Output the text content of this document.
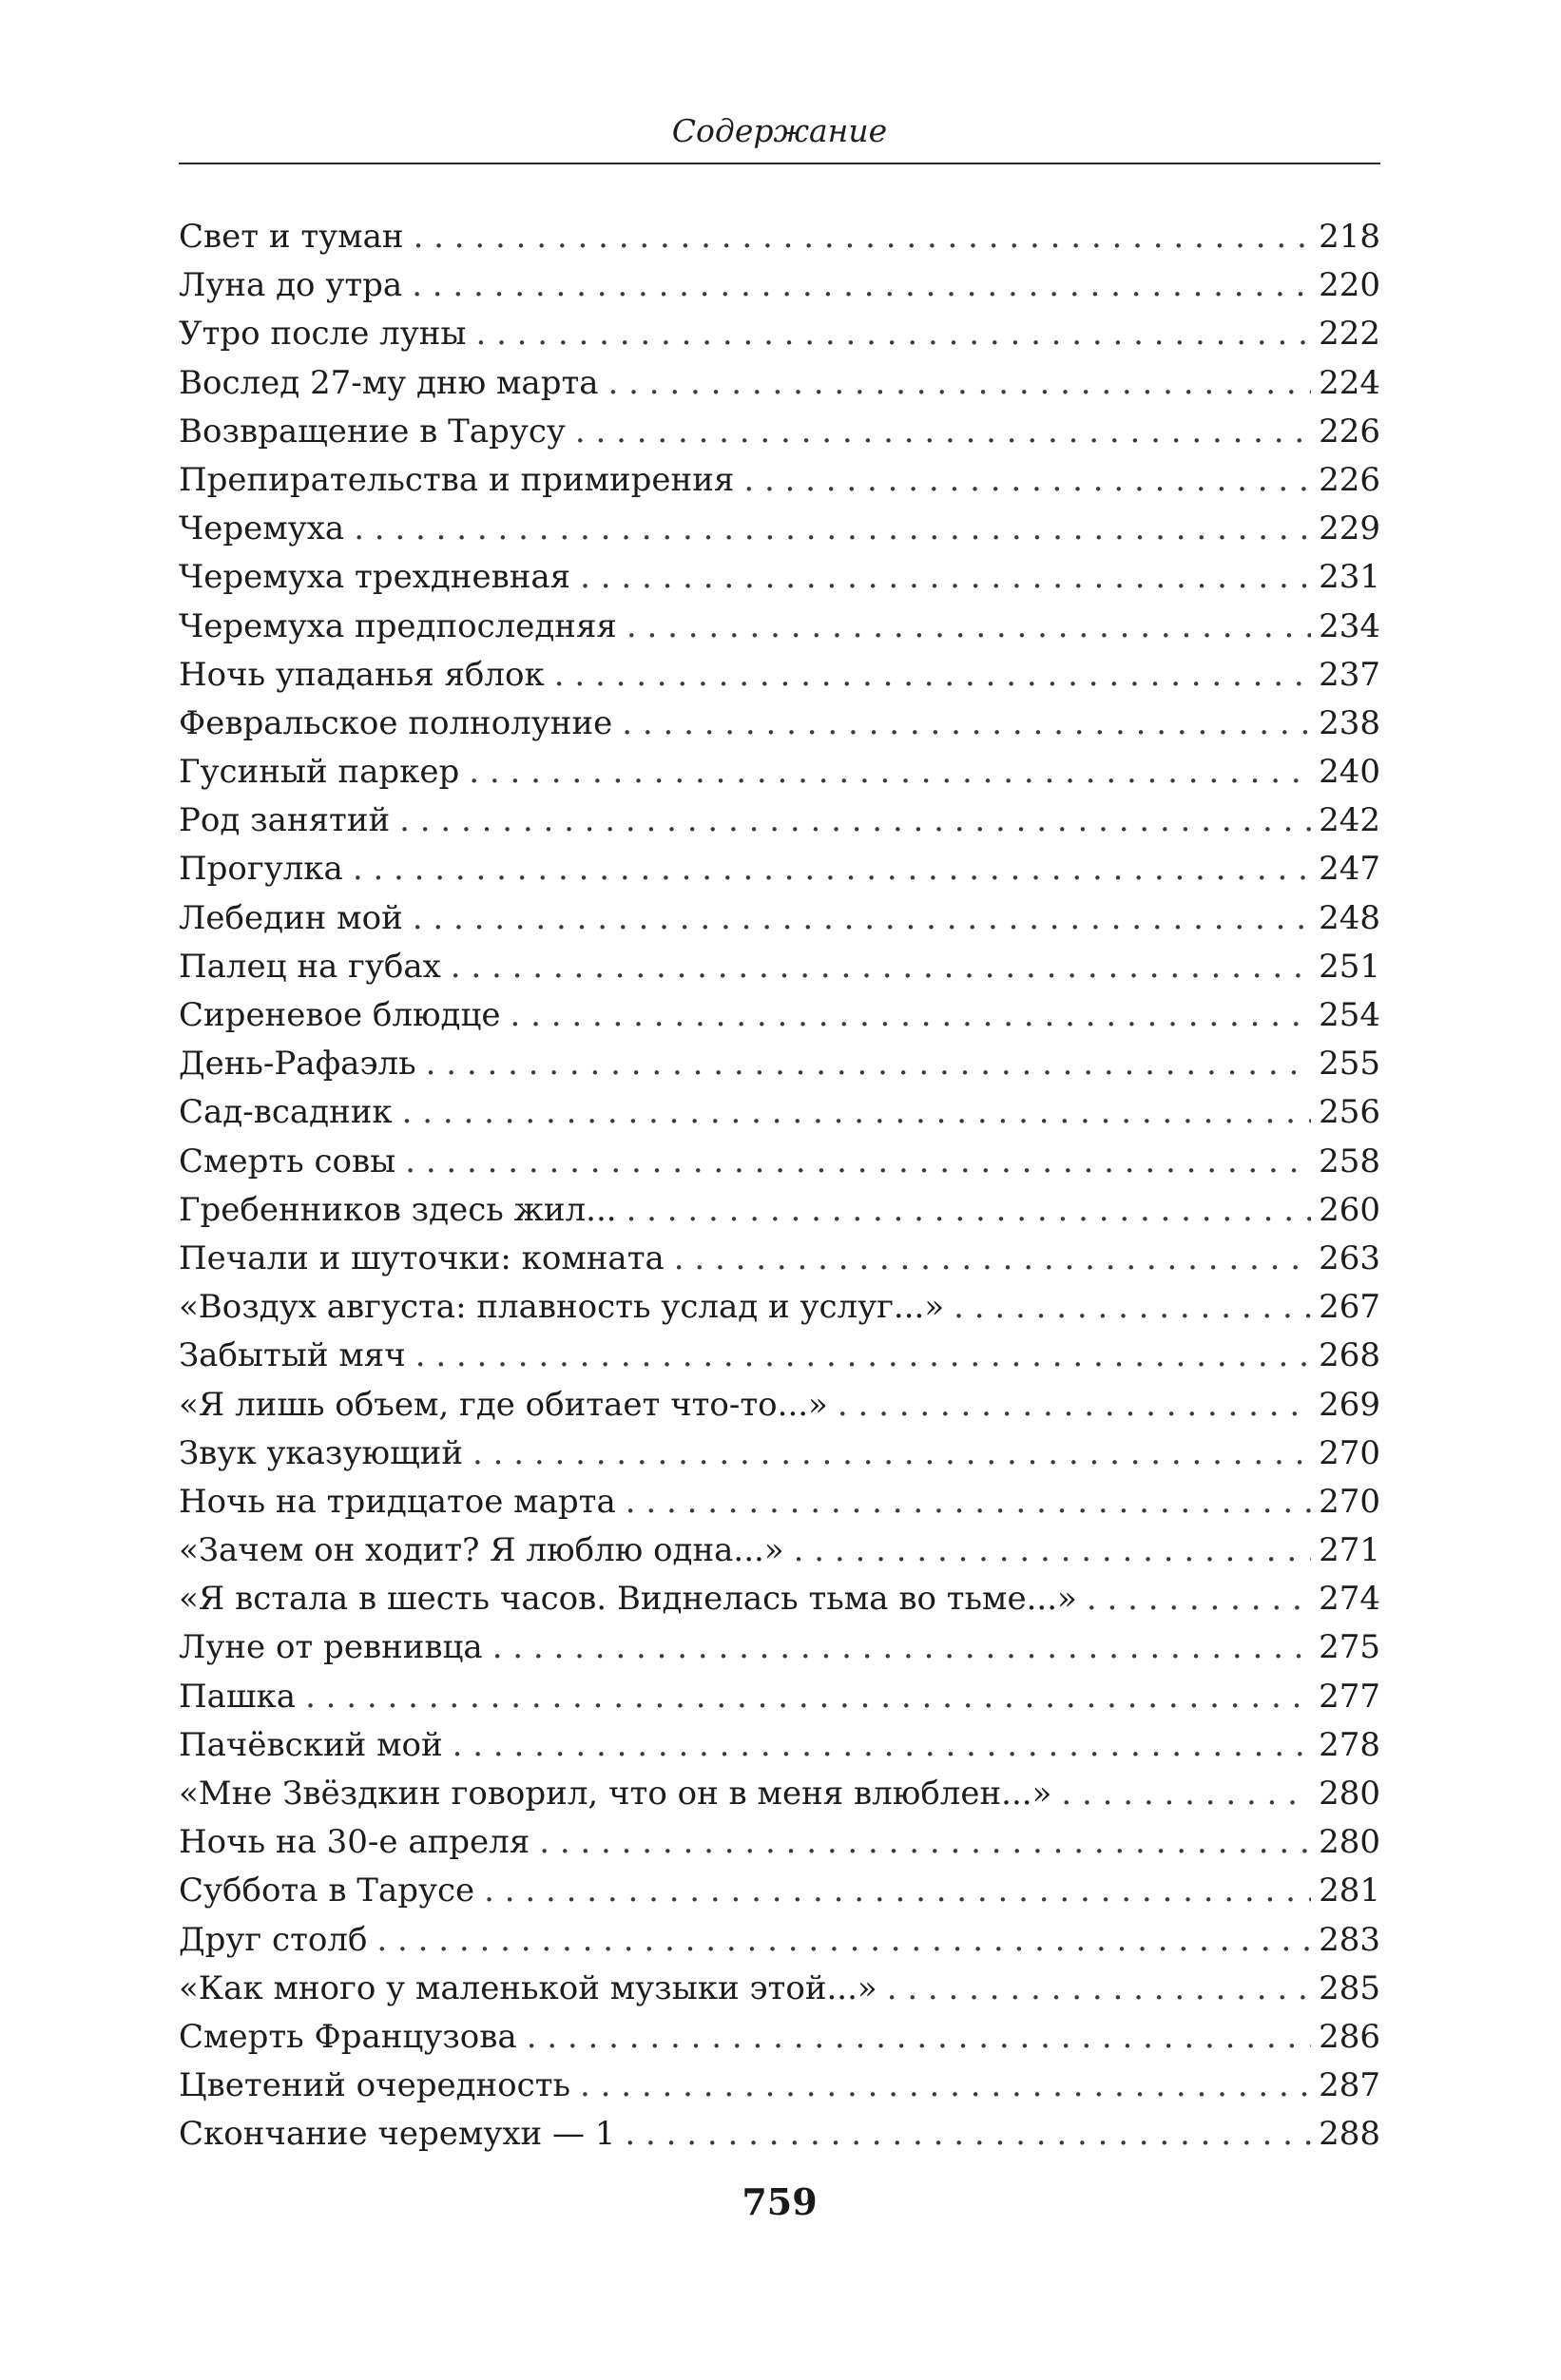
Содержание
Свет и туман . . .	218
Луна до утра . . .	220
Утро после луны . . .	222
Вослед 27-му дню марта . . .	224
Возвращение в Тарусу . . .	226
Препирательства и примирения . . .	226
Черемуха . . .	229
Черемуха трехдневная . . .	231
Черемуха предпоследняя . . .	234
Ночь упаданья яблок . . .	237
Февральское полнолуние . . .	238
Гусиный паркер . . .	240
Род занятий . . .	242
Прогулка . . .	247
Лебедин мой . . .	248
Палец на губах . . .	251
Сиреневое блюдце . . .	254
День-Рафаэль . . .	255
Сад-всадник . . .	256
Смерть совы . . .	258
Гребенников здесь жил... . . .	260
Печали и шуточки: комната . . .	263
«Воздух августа: плавность услад и услуг...» . . .	267
Забытый мяч . . .	268
«Я лишь объем, где обитает что-то...» . . .	269
Звук указующий . . .	270
Ночь на тридцатое марта . . .	270
«Зачем он ходит? Я люблю одна...» . . .	271
«Я встала в шесть часов. Виднелась тьма во тьме...» . . .	274
Луне от ревнивца . . .	275
Пашка . . .	277
Пачёвский мой . . .	278
«Мне Звёздкин говорил, что он в меня влюблен...» . . .	280
Ночь на 30-е апреля . . .	280
Суббота в Тарусе . . .	281
Друг столб . . .	283
«Как много у маленькой музыки этой...» . . .	285
Смерть Французова . . .	286
Цветений очередность . . .	287
Скончание черемухи — 1 . . .	288
759
